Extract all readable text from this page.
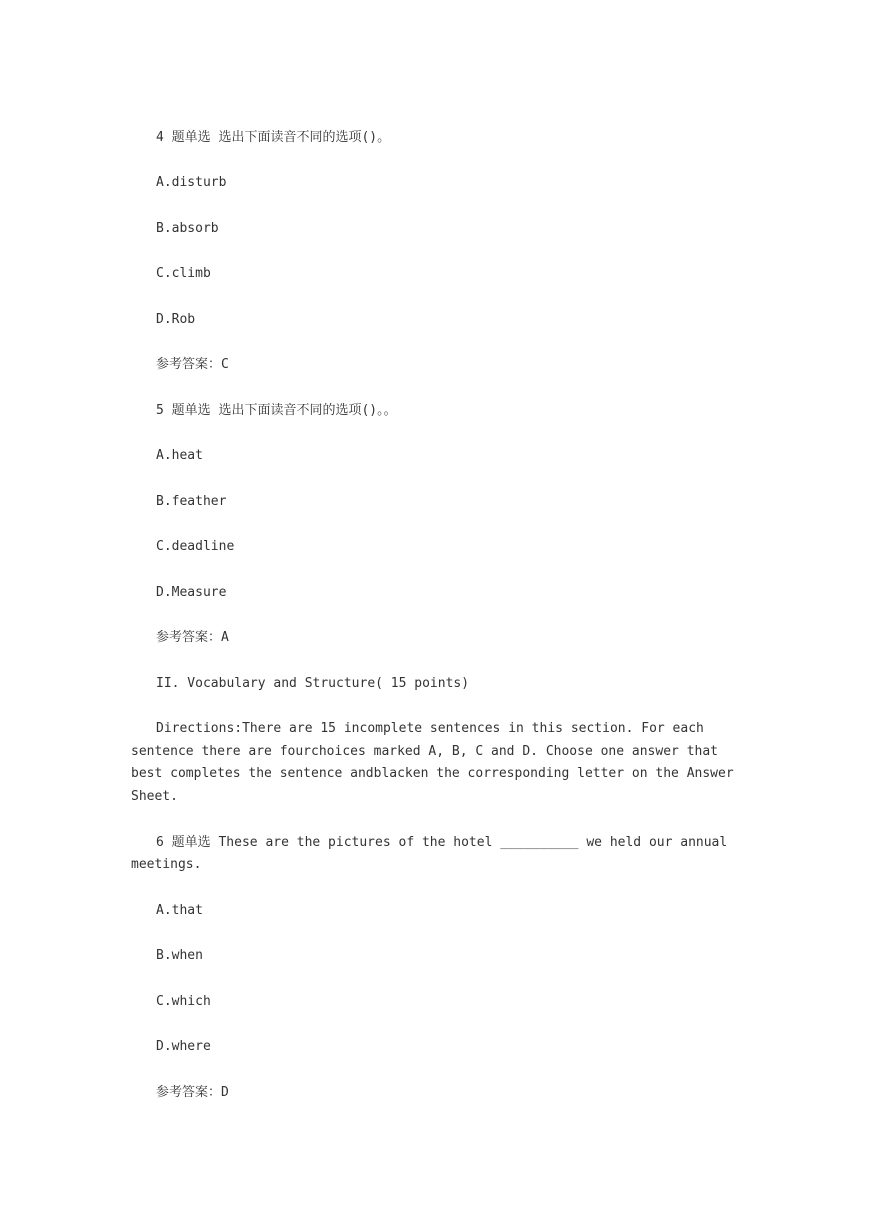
4 题单选 选出下面读音不同的选项()。

A.disturb

B.absorb

C.climb

D.Rob

参考答案：C

5 题单选 选出下面读音不同的选项()。。

A.heat

B.feather

C.deadline

D.Measure

参考答案：A

II. Vocabulary and Structure( 15 points)

Directions:There are 15 incomplete sentences in this section. For each sentence there are fourchoices marked A, B, C and D. Choose one answer that best completes the sentence andblacken the corresponding letter on the Answer Sheet.

6 题单选 These are the pictures of the hotel __________ we held our annual meetings.

A.that

B.when

C.which

D.where

参考答案：D
